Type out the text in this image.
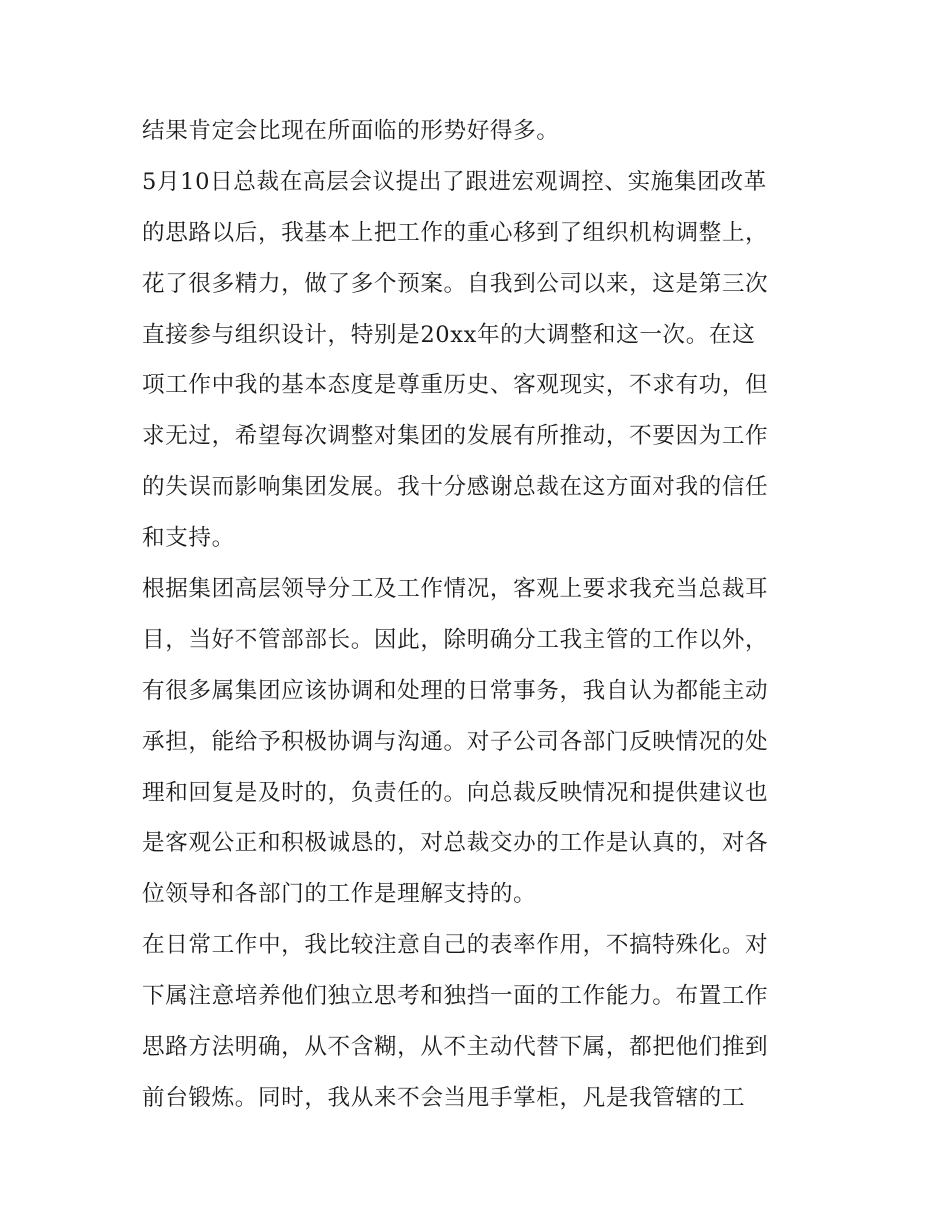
结果肯定会比现在所面临的形势好得多。
5月10日总裁在高层会议提出了跟进宏观调控、实施集团改革
的思路以后，我基本上把工作的重心移到了组织机构调整上，
花了很多精力，做了多个预案。自我到公司以来，这是第三次
直接参与组织设计，特别是20xx年的大调整和这一次。在这
项工作中我的基本态度是尊重历史、客观现实，不求有功，但
求无过，希望每次调整对集团的发展有所推动，不要因为工作
的失误而影响集团发展。我十分感谢总裁在这方面对我的信任
和支持。
根据集团高层领导分工及工作情况，客观上要求我充当总裁耳
目，当好不管部部长。因此，除明确分工我主管的工作以外，
有很多属集团应该协调和处理的日常事务，我自认为都能主动
承担，能给予积极协调与沟通。对子公司各部门反映情况的处
理和回复是及时的，负责任的。向总裁反映情况和提供建议也
是客观公正和积极诚恳的，对总裁交办的工作是认真的，对各
位领导和各部门的工作是理解支持的。
在日常工作中，我比较注意自己的表率作用，不搞特殊化。对
下属注意培养他们独立思考和独挡一面的工作能力。布置工作
思路方法明确，从不含糊，从不主动代替下属，都把他们推到
前台锻炼。同时，我从来不会当甩手掌柜，凡是我管辖的工
